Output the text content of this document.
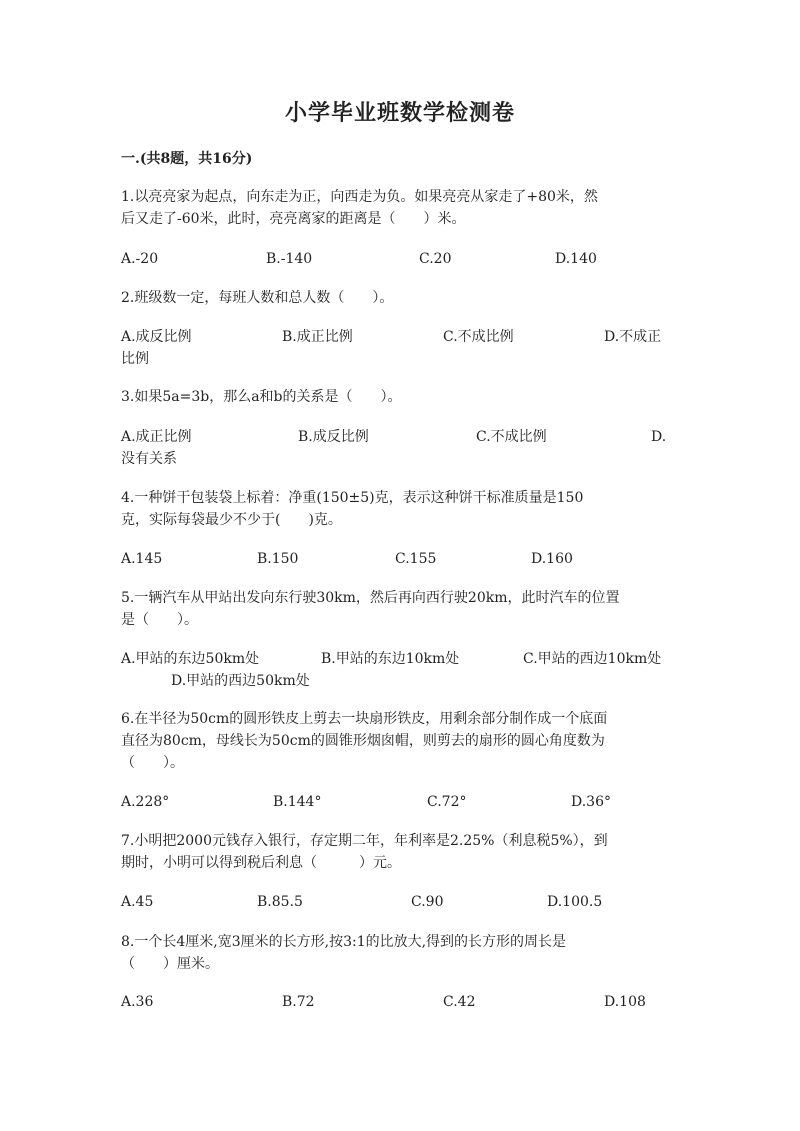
小学毕业班数学检测卷
一.(共8题，共16分)

1.以亮亮家为起点，向东走为正，向西走为负。如果亮亮从家走了+80米，然

后又走了-60米，此时，亮亮离家的距离是（　　）米。

A.-20	B.-140	C.20	D.140

2.班级数一定，每班人数和总人数（　　）。

A.成反比例	B.成正比例	C.不成比例	D.不成正
比例

3.如果5a=3b，那么a和b的关系是（　　）。

A.成正比例	B.成反比例	C.不成比例	D.
没有关系

4.一种饼干包装袋上标着：净重(150±5)克，表示这种饼干标准质量是150

克，实际每袋最少不少于(　　)克。

A.145	B.150	C.155	D.160

5.一辆汽车从甲站出发向东行驶30km，然后再向西行驶20km，此时汽车的位置

是（　　）。

A.甲站的东边50km处	B.甲站的东边10km处	C.甲站的西边10km处
D.甲站的西边50km处

6.在半径为50cm的圆形铁皮上剪去一块扇形铁皮，用剩余部分制作成一个底面

直径为80cm，母线长为50cm的圆锥形烟囱帽，则剪去的扇形的圆心角度数为

（　　）。

A.228°	B.144°	C.72°	D.36°

7.小明把2000元钱存入银行，存定期二年，年利率是2.25%（利息税5%），到

期时，小明可以得到税后利息（　　　）元。

A.45	B.85.5	C.90	D.100.5

8.一个长4厘米,宽3厘米的长方形,按3:1的比放大,得到的长方形的周长是

（　　）厘米。

A.36	B.72	C.42	D.108
